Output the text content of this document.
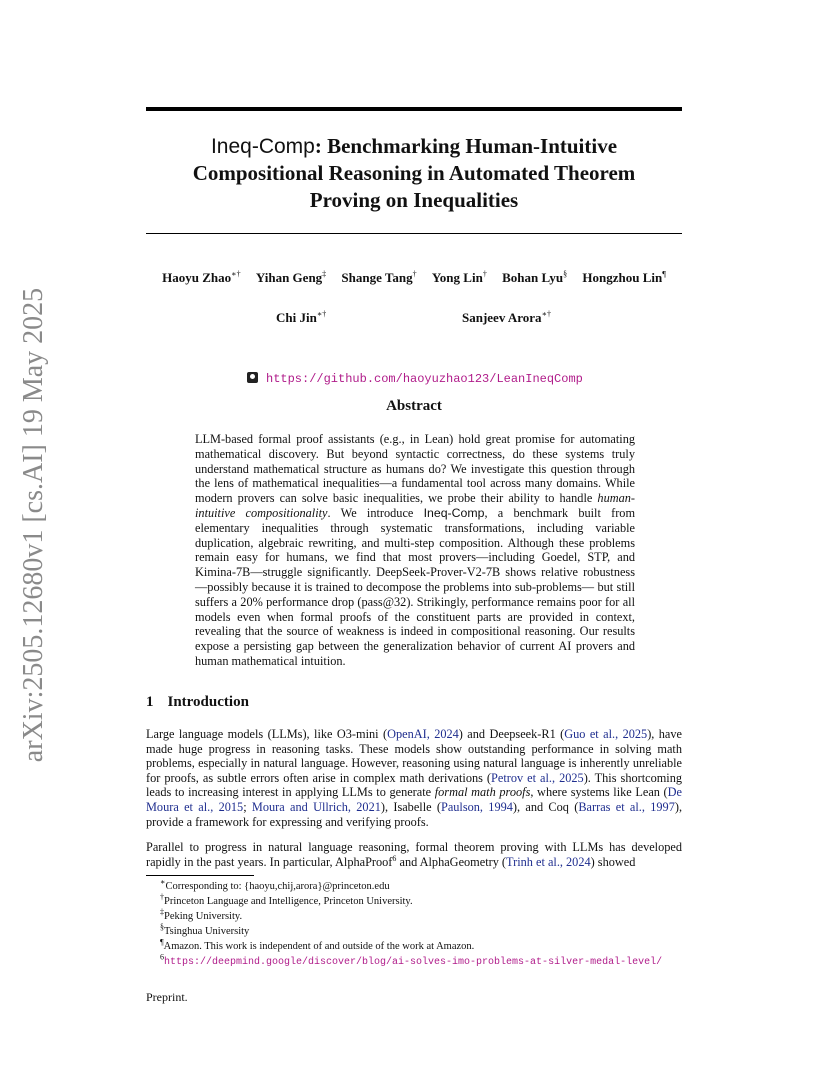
arXiv:2505.12680v1 [cs.AI] 19 May 2025
Ineq-Comp: Benchmarking Human-Intuitive
Compositional Reasoning in Automated Theorem
Proving on Inequalities
Haoyu Zhao∗† Yihan Geng‡ Shange Tang† Yong Lin† Bohan Lyu§ Hongzhou Lin¶
Chi Jin∗†	Sanjeev Arora∗†
https://github.com/haoyuzhao123/LeanIneqComp
Abstract
LLM-based formal proof assistants (e.g., in Lean) hold great promise for automating mathematical discovery. But beyond syntactic correctness, do these systems truly understand mathematical structure as humans do? We investigate this question through the lens of mathematical inequalities—a fundamental tool across many domains. While modern provers can solve basic inequalities, we probe their ability to handle human-intuitive compositionality. We introduce Ineq-Comp, a benchmark built from elementary inequalities through systematic transformations, including variable duplication, algebraic rewriting, and multi-step composition. Although these problems remain easy for humans, we find that most provers—including Goedel, STP, and Kimina-7B—struggle significantly. DeepSeek-Prover-V2-7B shows relative robustness —possibly because it is trained to decompose the problems into sub-problems— but still suffers a 20% performance drop (pass@32). Strikingly, performance remains poor for all models even when formal proofs of the constituent parts are provided in context, revealing that the source of weakness is indeed in compositional reasoning. Our results expose a persisting gap between the generalization behavior of current AI provers and human mathematical intuition.
1 Introduction
Large language models (LLMs), like O3-mini (OpenAI, 2024) and Deepseek-R1 (Guo et al., 2025), have made huge progress in reasoning tasks. These models show outstanding performance in solving math problems, especially in natural language. However, reasoning using natural language is inherently unreliable for proofs, as subtle errors often arise in complex math derivations (Petrov et al., 2025). This shortcoming leads to increasing interest in applying LLMs to generate formal math proofs, where systems like Lean (De Moura et al., 2015; Moura and Ullrich, 2021), Isabelle (Paulson, 1994), and Coq (Barras et al., 1997), provide a framework for expressing and verifying proofs.
Parallel to progress in natural language reasoning, formal theorem proving with LLMs has developed rapidly in the past years. In particular, AlphaProof$^6$ and AlphaGeometry (Trinh et al., 2024) showed
∗Corresponding to: {haoyu,chij,arora}@princeton.edu
†Princeton Language and Intelligence, Princeton University.
‡Peking University.
§Tsinghua University
¶Amazon. This work is independent of and outside of the work at Amazon.
$^6$https://deepmind.google/discover/blog/ai-solves-imo-problems-at-silver-medal-level/
Preprint.
